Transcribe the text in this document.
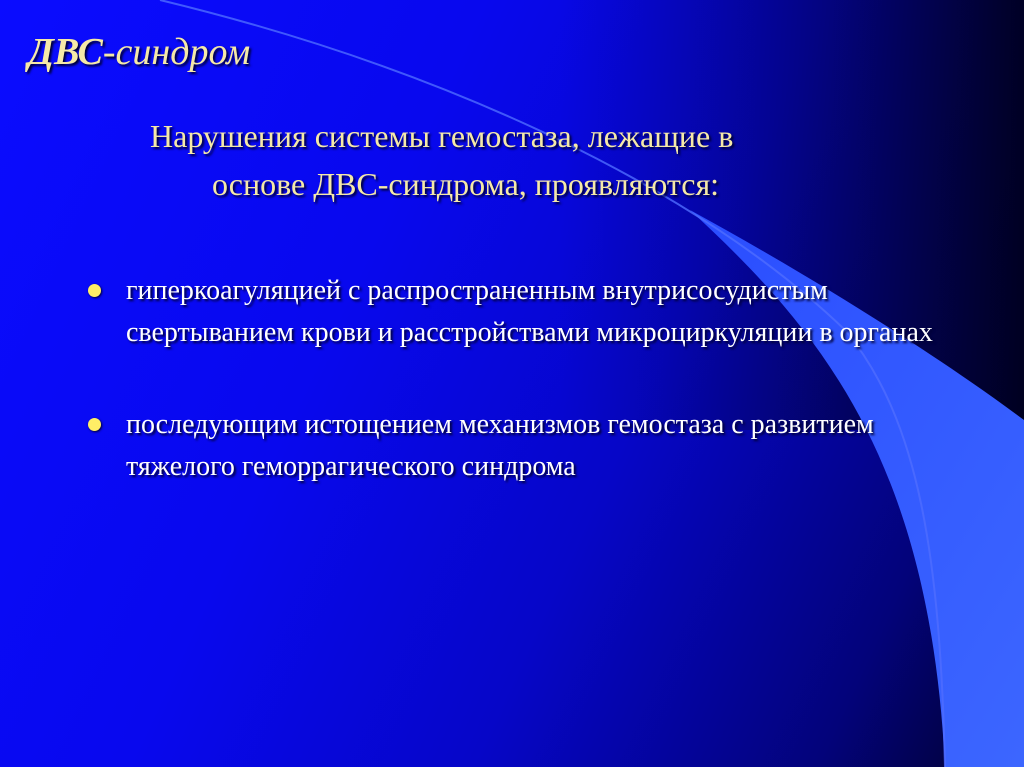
ДВС-синдром

Нарушения системы гемостаза, лежащие в
основе ДВС-синдрома, проявляются:

гиперкоагуляцией с распространенным внутрисосудистым свертыванием крови и расстройствами микроциркуляции в органах
последующим истощением механизмов гемостаза с развитием тяжелого геморрагического синдрома
